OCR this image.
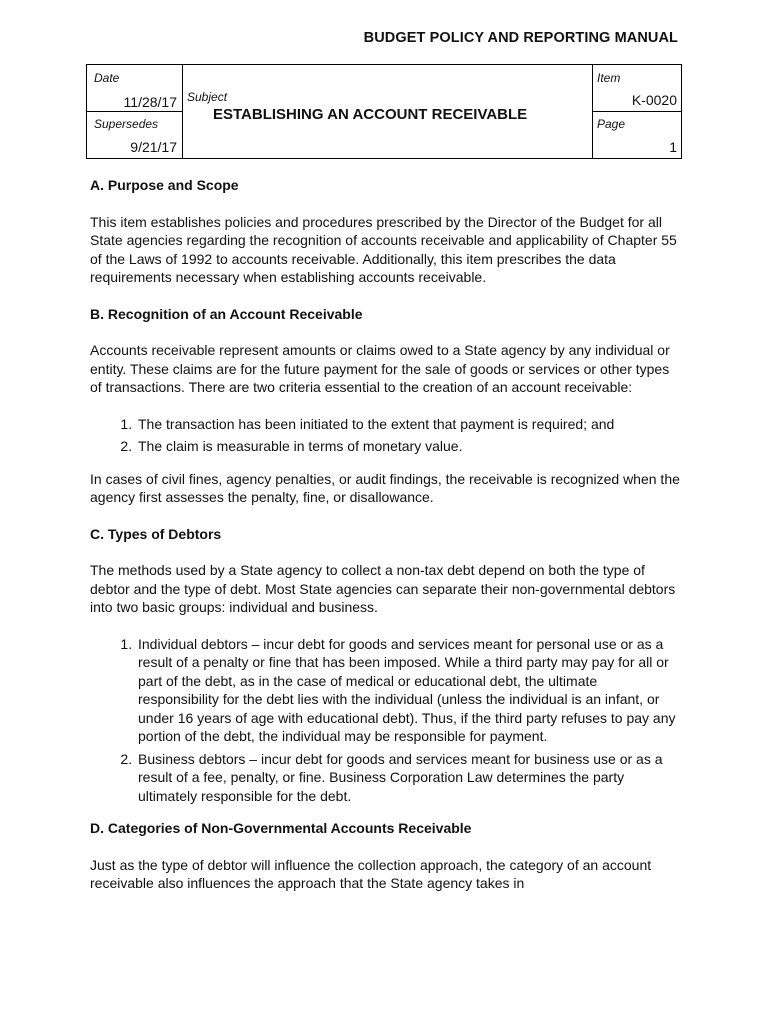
BUDGET POLICY AND REPORTING MANUAL
Date
11/28/17
Supersedes
9/21/17
Subject
ESTABLISHING AN ACCOUNT RECEIVABLE
Item
K-0020
Page
1
A. Purpose and Scope

This item establishes policies and procedures prescribed by the Director of the Budget for all State agencies regarding the recognition of accounts receivable and applicability of Chapter 55 of the Laws of 1992 to accounts receivable. Additionally, this item prescribes the data requirements necessary when establishing accounts receivable.

B. Recognition of an Account Receivable

Accounts receivable represent amounts or claims owed to a State agency by any individual or entity. These claims are for the future payment for the sale of goods or services or other types of transactions. There are two criteria essential to the creation of an account receivable:

1. The transaction has been initiated to the extent that payment is required; and
2. The claim is measurable in terms of monetary value.

In cases of civil fines, agency penalties, or audit findings, the receivable is recognized when the agency first assesses the penalty, fine, or disallowance.

C. Types of Debtors

The methods used by a State agency to collect a non-tax debt depend on both the type of debtor and the type of debt. Most State agencies can separate their non-governmental debtors into two basic groups: individual and business.

1. Individual debtors – incur debt for goods and services meant for personal use or as a result of a penalty or fine that has been imposed. While a third party may pay for all or part of the debt, as in the case of medical or educational debt, the ultimate responsibility for the debt lies with the individual (unless the individual is an infant, or under 16 years of age with educational debt). Thus, if the third party refuses to pay any portion of the debt, the individual may be responsible for payment.
2. Business debtors – incur debt for goods and services meant for business use or as a result of a fee, penalty, or fine. Business Corporation Law determines the party ultimately responsible for the debt.
D. Categories of Non-Governmental Accounts Receivable

Just as the type of debtor will influence the collection approach, the category of an account receivable also influences the approach that the State agency takes in
